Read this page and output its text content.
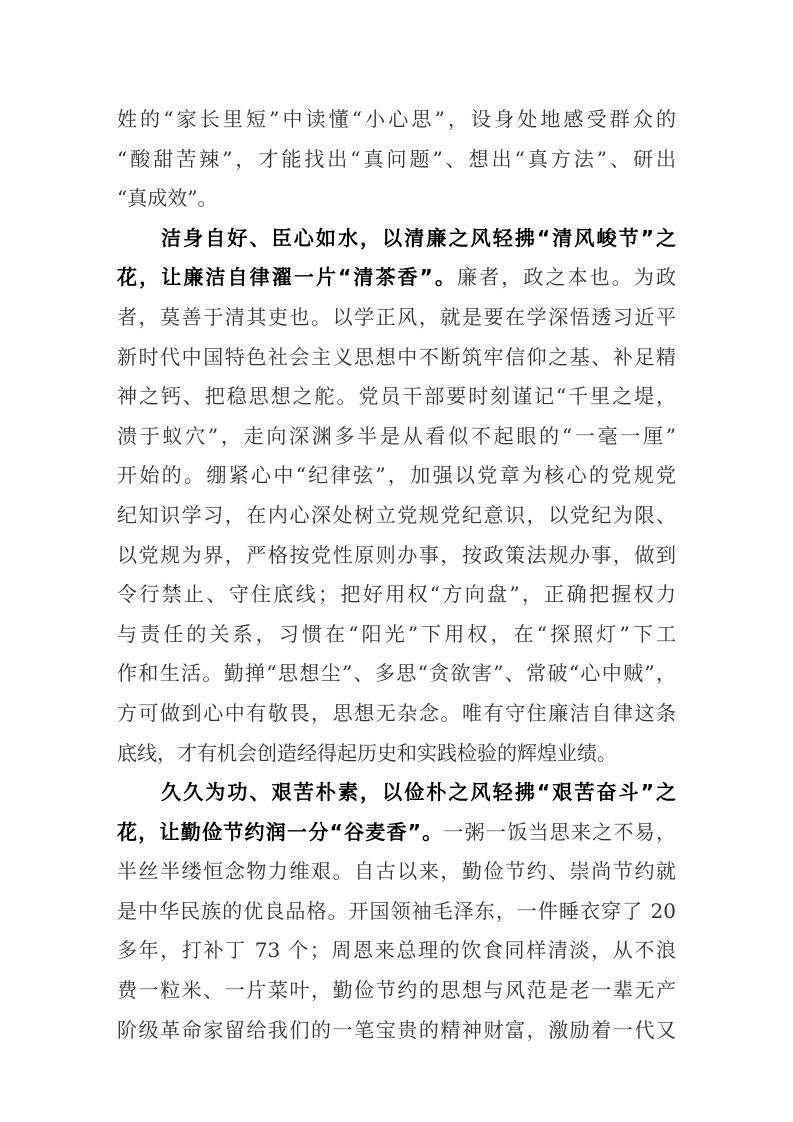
姓的“家长里短”中读懂“小心思”，设身处地感受群众的
“酸甜苦辣”，才能找出“真问题”、想出“真方法”、研出
“真成效”。
洁身自好、臣心如水，以清廉之风轻拂“清风峻节”之
花，让廉洁自律濯一片“清茶香”。廉者，政之本也。为政
者，莫善于清其吏也。以学正风，就是要在学深悟透习近平
新时代中国特色社会主义思想中不断筑牢信仰之基、补足精
神之钙、把稳思想之舵。党员干部要时刻谨记“千里之堤，
溃于蚁穴”，走向深渊多半是从看似不起眼的“一毫一厘”
开始的。绷紧心中“纪律弦”，加强以党章为核心的党规党
纪知识学习，在内心深处树立党规党纪意识，以党纪为限、
以党规为界，严格按党性原则办事，按政策法规办事，做到
令行禁止、守住底线；把好用权“方向盘”，正确把握权力
与责任的关系，习惯在“阳光”下用权，在“探照灯”下工
作和生活。勤掸“思想尘”、多思“贪欲害”、常破“心中贼”，
方可做到心中有敬畏，思想无杂念。唯有守住廉洁自律这条
底线，才有机会创造经得起历史和实践检验的辉煌业绩。
久久为功、艰苦朴素，以俭朴之风轻拂“艰苦奋斗”之
花，让勤俭节约润一分“谷麦香”。一粥一饭当思来之不易，
半丝半缕恒念物力维艰。自古以来，勤俭节约、崇尚节约就
是中华民族的优良品格。开国领袖毛泽东，一件睡衣穿了 20
多年，打补丁 73 个；周恩来总理的饮食同样清淡，从不浪
费一粒米、一片菜叶，勤俭节约的思想与风范是老一辈无产
阶级革命家留给我们的一笔宝贵的精神财富，激励着一代又
